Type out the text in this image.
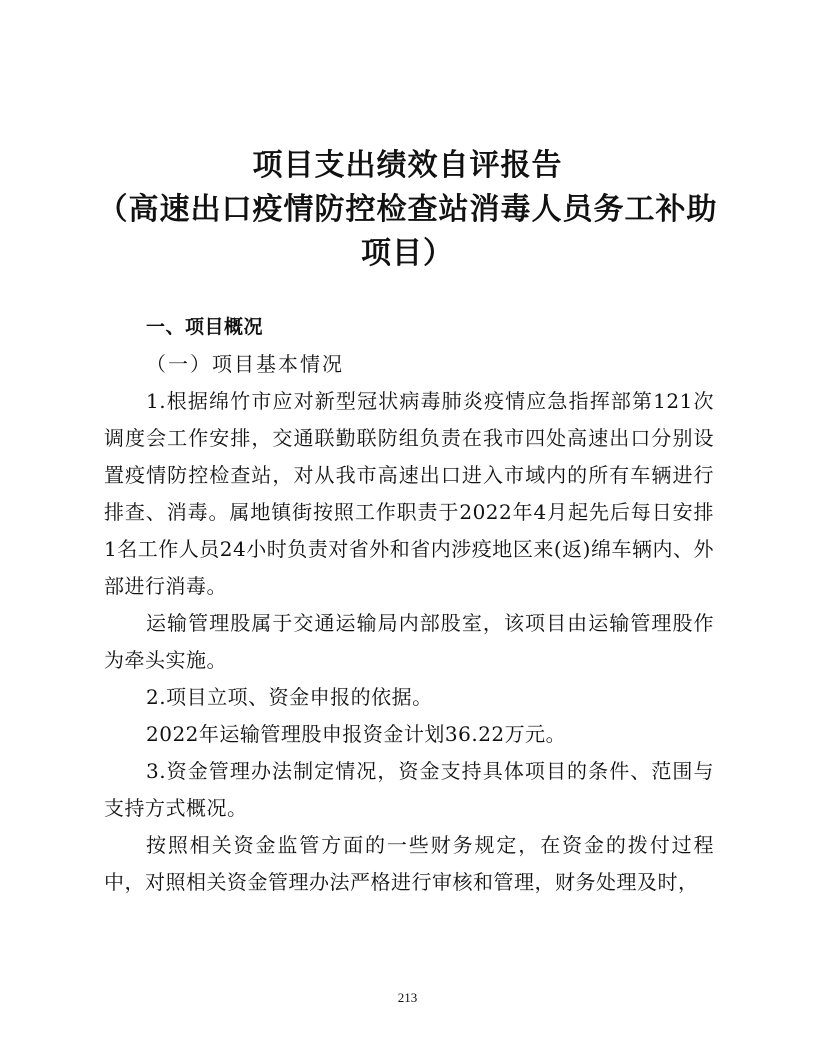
项目支出绩效自评报告
（高速出口疫情防控检查站消毒人员务工补助
项目）

一、项目概况

（一）项目基本情况

1.根据绵竹市应对新型冠状病毒肺炎疫情应急指挥部第121次调度会工作安排，交通联勤联防组负责在我市四处高速出口分别设置疫情防控检查站，对从我市高速出口进入市域内的所有车辆进行排查、消毒。属地镇街按照工作职责于2022年4月起先后每日安排1名工作人员24小时负责对省外和省内涉疫地区来(返)绵车辆内、外部进行消毒。

运输管理股属于交通运输局内部股室，该项目由运输管理股作为牵头实施。

2.项目立项、资金申报的依据。

2022年运输管理股申报资金计划36.22万元。

3.资金管理办法制定情况，资金支持具体项目的条件、范围与支持方式概况。

按照相关资金监管方面的一些财务规定，在资金的拨付过程中，对照相关资金管理办法严格进行审核和管理，财务处理及时，

213
